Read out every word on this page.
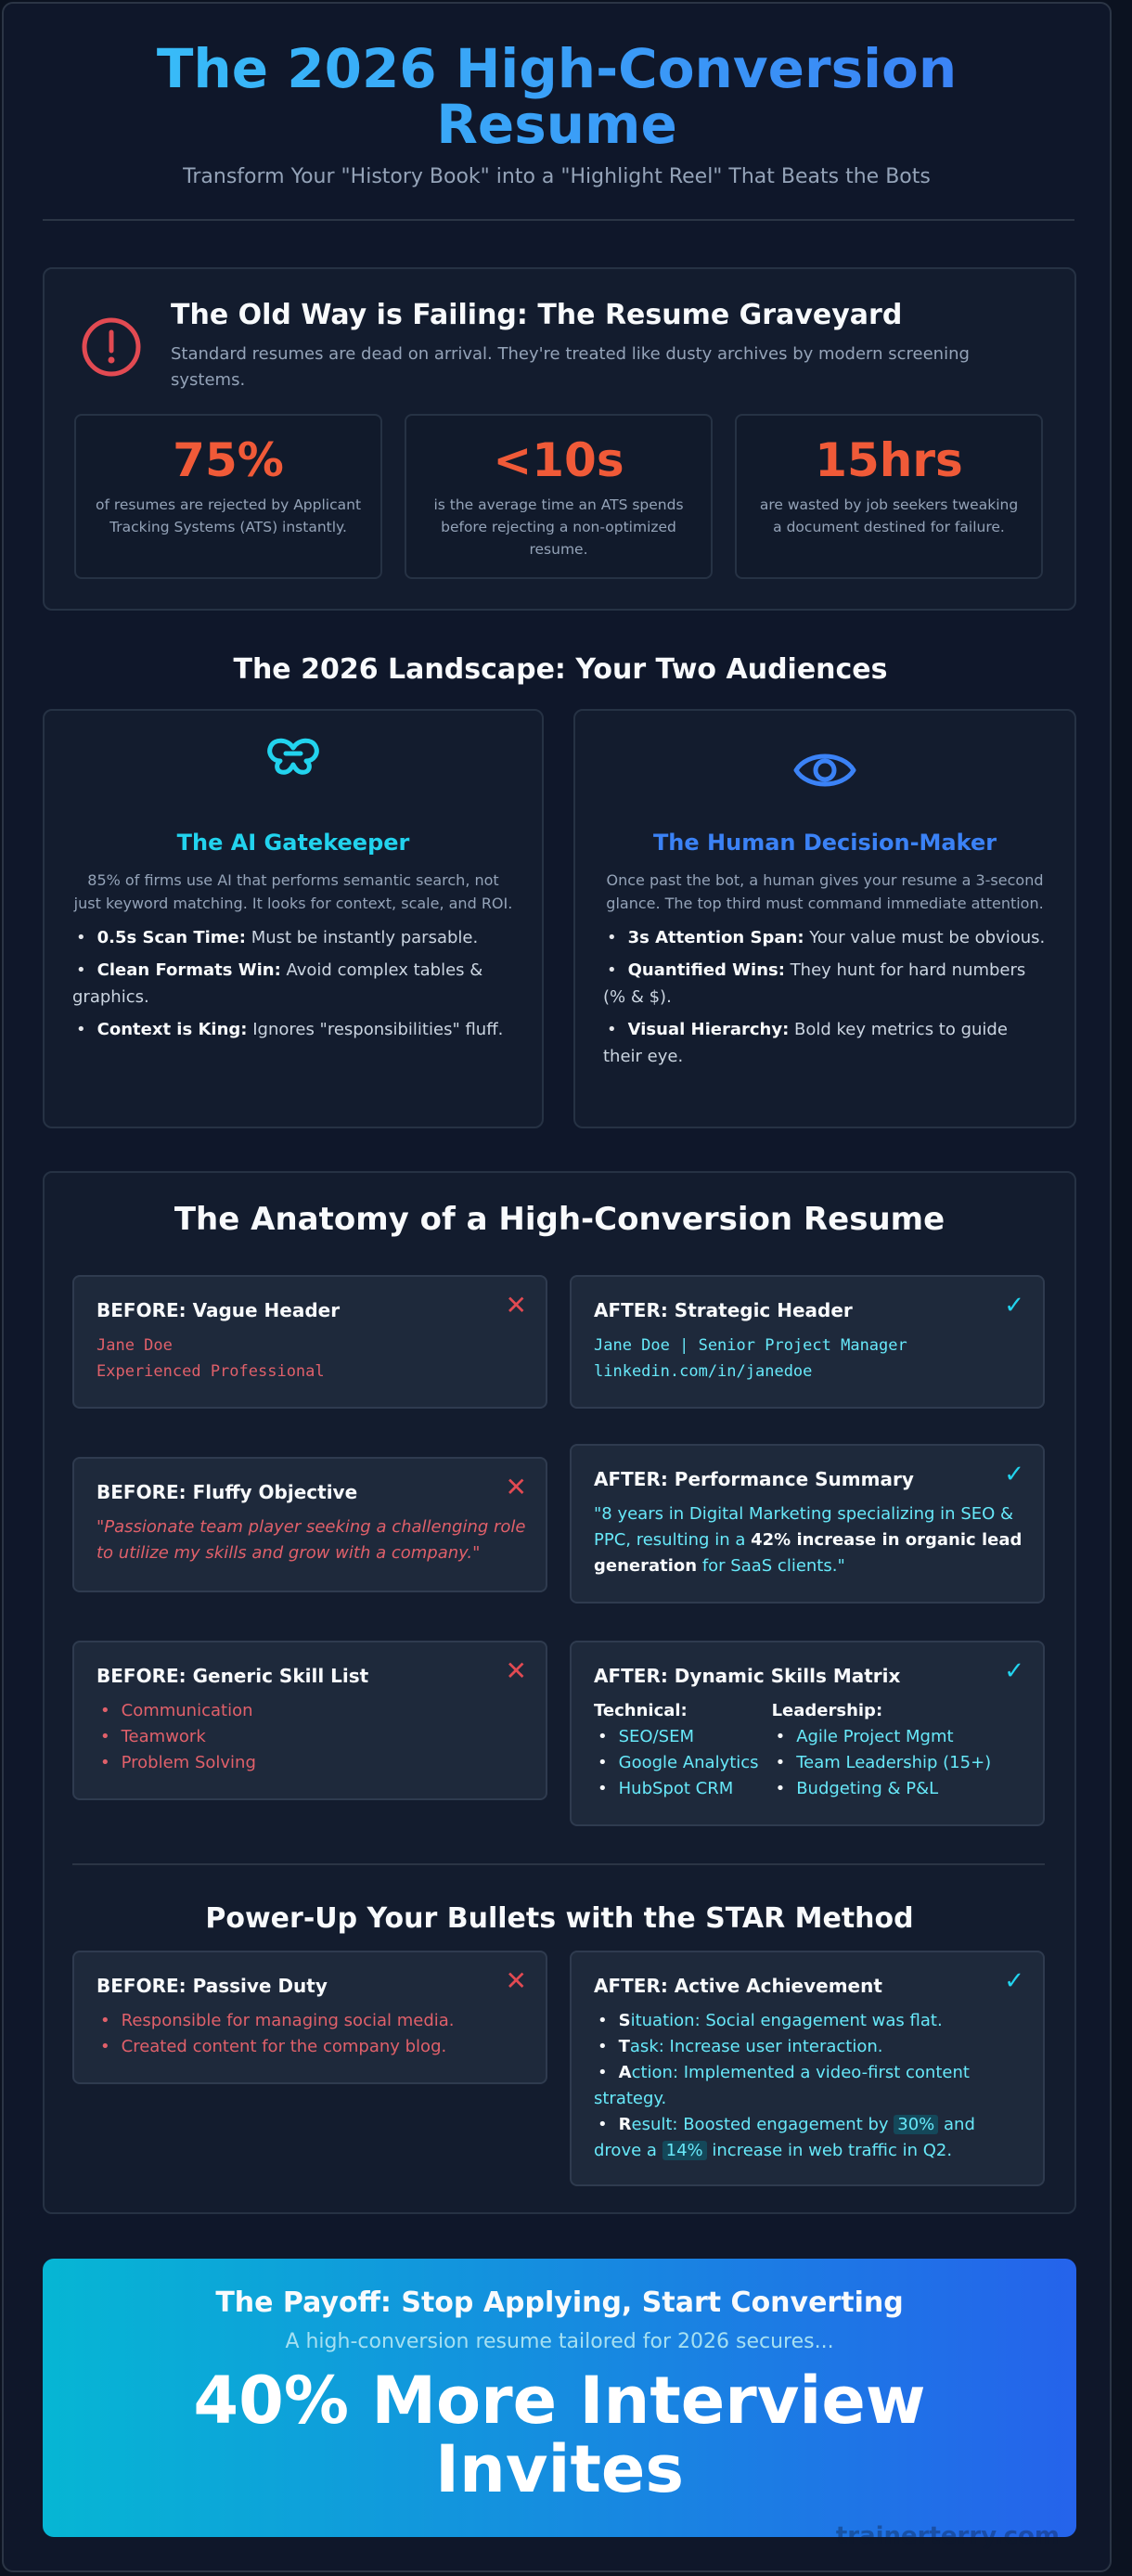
The 2026 High-Conversion Resume
Transform Your "History Book" into a "Highlight Reel" That Beats the Bots
The Old Way is Failing: The Resume Graveyard
Standard resumes are dead on arrival. They're treated like dusty archives by modern screening systems.
75%
of resumes are rejected by Applicant Tracking Systems (ATS) instantly.
<10s
is the average time an ATS spends before rejecting a non-optimized resume.
15hrs
are wasted by job seekers tweaking a document destined for failure.
The 2026 Landscape: Your Two Audiences
The AI Gatekeeper
85% of firms use AI that performs semantic search, not just keyword matching. It looks for context, scale, and ROI.
• 0.5s Scan Time: Must be instantly parsable.
• Clean Formats Win: Avoid complex tables & graphics.
• Context is King: Ignores "responsibilities" fluff.
The Human Decision-Maker
Once past the bot, a human gives your resume a 3-second glance. The top third must command immediate attention.
• 3s Attention Span: Your value must be obvious.
• Quantified Wins: They hunt for hard numbers (% & $).
• Visual Hierarchy: Bold key metrics to guide their eye.
The Anatomy of a High-Conversion Resume
BEFORE: Vague Header	✕
Jane Doe
Experienced Professional
AFTER: Strategic Header	✓
Jane Doe | Senior Project Manager
linkedin.com/in/janedoe
BEFORE: Fluffy Objective	✕
"Passionate team player seeking a challenging role to utilize my skills and grow with a company."
AFTER: Performance Summary	✓
"8 years in Digital Marketing specializing in SEO & PPC, resulting in a 42% increase in organic lead generation for SaaS clients."
BEFORE: Generic Skill List	✕
• Communication
• Teamwork
• Problem Solving
AFTER: Dynamic Skills Matrix	✓
Technical:
• SEO/SEM
• Google Analytics
• HubSpot CRM
Leadership:
• Agile Project Mgmt
• Team Leadership (15+)
• Budgeting & P&L
Power-Up Your Bullets with the STAR Method
BEFORE: Passive Duty	✕
• Responsible for managing social media.
• Created content for the company blog.
AFTER: Active Achievement	✓
• Situation: Social engagement was flat.
• Task: Increase user interaction.
• Action: Implemented a video-first content strategy.
• Result: Boosted engagement by 30% and drove a 14% increase in web traffic in Q2.
The Payoff: Stop Applying, Start Converting
A high-conversion resume tailored for 2026 secures...
40% More Interview Invites
trainerterry.com
